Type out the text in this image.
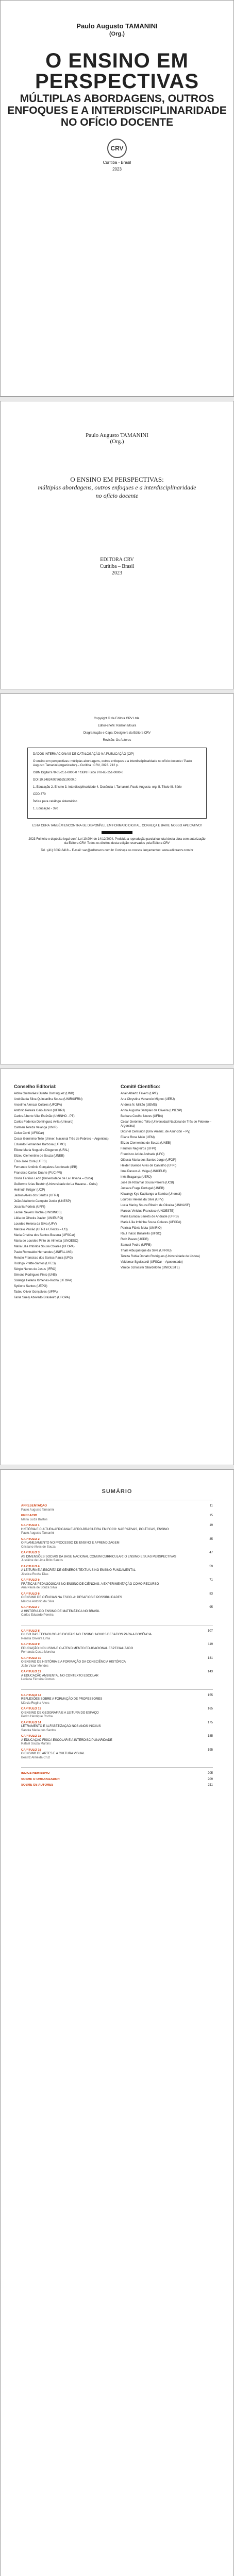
Paulo Augusto TAMANINI
(Org.)
O ENSINO EM PERSPECTIVAS
MÚLTIPLAS ABORDAGENS, OUTROS ENFOQUES E A INTERDISCIPLINARIDADE NO OFÍCIO DOCENTE
CRV
Curitiba - Brasil
2023
Paulo Augusto TAMANINI
(Org.)
O ENSINO EM PERSPECTIVAS:
múltiplas abordagens, outros enfoques e a interdisciplinaridade no ofício docente
EDITORA CRV
Curitiba – Brasil
2023

Copyright © da Editora CRV Ltda.

Editor-chefe: Railson Moura

Diagramação e Capa: Designers da Editora CRV

Revisão: Os Autores

DADOS INTERNACIONAIS DE CATALOGAÇÃO NA PUBLICAÇÃO (CIP)

O ensino em perspectivas: múltiplas abordagens, outros enfoques e a interdisciplinaridade no ofício docente / Paulo Augusto Tamanini (organizador) – Curitiba : CRV, 2023. 212 p.

ISBN Digital 978-65-251-0000-0 / ISBN Físico 978-65-251-0000-0

DOI 10.24824/978652510000.0

1. Educação 2. Ensino 3. Interdisciplinaridade 4. Docência I. Tamanini, Paulo Augusto. org. II. Título III. Série

CDD 370

Índice para catálogo sistemático

1. Educação - 370

ESTA OBRA TAMBÉM ENCONTRA-SE DISPONÍVEL EM FORMATO DIGITAL. CONHEÇA E BAIXE NOSSO APLICATIVO!

2023 Foi feito o depósito legal conf. Lei 10.994 de 14/12/2004. Proibida a reprodução parcial ou total desta obra sem autorização da Editora CRV. Todos os direitos desta edição reservados pela Editora CRV

Tel.: (41) 3039-6418 – E-mail: sac@editoracrv.com.br Conheça os nossos lançamentos: www.editoracrv.com.br

Conselho Editorial:
Aldira Guimarães Duarte Domínguez (UNB)
Andréia da Silva Quintanilha Sousa (UNIR/UFRN)
Anselmo Alencar Colares (UFOPA)
Antônio Pereira Gaio Júnior (UFRRJ)
Carlos Alberto Vilar Estêvão (UMINHO - PT)
Carlos Federico Dominguez Avila (Unieuro)
Carmen Tereza Velanga (UNIR)
Celso Conti (UFSCar)
Cesar Gerónimo Tello (Univer. Nacional Três de Febrero – Argentina)
Eduardo Fernandes Barbosa (UFMG)
Elione Maria Nogueira Diogenes (UFAL)
Elizeu Clementino de Souza (UNEB)
Élsio José Corá (UFFS)
Fernando Antônio Gonçalves Alcoforado (IPB)
Francisco Carlos Duarte (PUC-PR)
Gloria Fariñas León (Universidade de La Havana – Cuba)
Guillermo Arias Beatón (Universidade de La Havana – Cuba)
Helmuth Krüger (UCP)
Jailson Alves dos Santos (UFRJ)
João Adalberto Campato Junior (UNESP)
Josania Portela (UFPI)
Leonel Severo Rocha (UNISINOS)
Lídia de Oliveira Xavier (UNIEURO)
Lourdes Helena da Silva (UFV)
Marcelo Paixão (UFRJ e UTexas – US)
Maria Cristina dos Santos Bezerra (UFSCar)
Maria de Lourdes Pinto de Almeida (UNOESC)
Maria Lília Imbiriba Sousa Colares (UFOPA)
Paulo Romualdo Hernandes (UNIFAL-MG)
Renato Francisco dos Santos Paula (UFG)
Rodrigo Pratte-Santos (UFES)
Sérgio Nunes de Jesus (IFRO)
Simone Rodrigues Pinto (UNB)
Solange Helena Ximenes-Rocha (UFOPA)
Sydione Santos (UEPG)
Tadeu Oliver Gonçalves (UFPA)
Tania Suely Azevedo Brasileiro (UFOPA)
Comitê Científico:
Altair Alberto Fávero (UPF)
Ana Chrystina Venancio Mignot (UERJ)
Andréia N. Militão (UEMS)
Anna Augusta Sampaio de Oliveira (UNESP)
Barbara Coelho Neves (UFBA)
Cesar Gerónimo Tello (Universidad Nacional de Três de Febrero – Argentina)
Diosnel Centurion (Univ Americ. de Asunción – Py)
Eliane Rose Maio (UEM)
Elizeu Clementino de Souza (UNEB)
Fauston Negreiros (UFPI)
Francisco Ari de Andrade (UFC)
Gláucia Maria dos Santos Jorge (UFOP)
Helder Buenos Aires de Carvalho (UFPI)
Ilma Passos A. Veiga (UNICEUB)
Inês Bragança (UERJ)
José de Ribamar Sousa Pereira (UCB)
Jussara Fraga Portugal (UNEB)
Kilwangy Kya Kapitango-a-Samba (Unemat)
Lourdes Helena da Silva (UFV)
Lucia Marisy Souza Ribeiro de Oliveira (UNIVASF)
Marcos Vinicius Francisco (UNOESTE)
Maria Eurácia Barreto de Andrade (UFRB)
Maria Lília Imbiriba Sousa Colares (UFOPA)
Patrícia Flávia Mota (UNIRIO)
Raul Inácio Busarello (UFSC)
Ruth Pavan (UCDB)
Samuel Pedro (UFPB)
Thaís Albuquerque da Silva (UFRRJ)
Tereza Rubia Donato Rodrigues (Universidade de Lisboa)
Valdemar Sguissardi (UFSCar – Aposentado)
Vanice Schossler Sbardelotto (UNIOESTE)
SUMÁRIO
APRESENTAÇÃO	11
Paulo Augusto Tamanini
PREFÁCIO	15
Maria Luiza Bastos
CAPÍTULO 1	19
HISTÓRIA E CULTURA AFRICANA E AFRO-BRASILEIRA EM FOCO: NARRATIVAS, POLÍTICAS, ENSINO
Paulo Augusto Tamanini
CAPÍTULO 2	35
O PLANEJAMENTO NO PROCESSO DE ENSINO E APRENDIZAGEM
Cristiano Alves de Souza
CAPÍTULO 3	47
AS DIMENSÕES SOCIAIS DA BASE NACIONAL COMUM CURRICULAR: O ENSINO E SUAS PERSPECTIVAS
Jussiêne de Lima Brito Santos
CAPÍTULO 4	59
A LEITURA E A ESCRITA DE GÊNEROS TEXTUAIS NO ENSINO FUNDAMENTAL
Jéssica Rocha Dias
CAPÍTULO 5	71
PRÁTICAS PEDAGÓGICAS NO ENSINO DE CIÊNCIAS: A EXPERIMENTAÇÃO COMO RECURSO
Ana Paula de Souza Silva
CAPÍTULO 6	83
O ENSINO DE CIÊNCIAS NA ESCOLA: DESAFIOS E POSSIBILIDADES
Marcos Antonio da Silva
CAPÍTULO 7	95
A HISTÓRIA DO ENSINO DE MATEMÁTICA NO BRASIL
Carlos Eduardo Pereira
CAPÍTULO 8	107
O USO DAS TECNOLOGIAS DIGITAIS NO ENSINO: NOVOS DESAFIOS PARA A DOCÊNCIA
Renata Oliveira Lima
CAPÍTULO 9	119
EDUCAÇÃO INCLUSIVA E O ATENDIMENTO EDUCACIONAL ESPECIALIZADO
Fernanda Costa Moreira
CAPÍTULO 10	131
O ENSINO DE HISTÓRIA E A FORMAÇÃO DA CONSCIÊNCIA HISTÓRICA
João Victor Mendes
CAPÍTULO 11	143
A EDUCAÇÃO AMBIENTAL NO CONTEXTO ESCOLAR
Luciana Ferreira Gomes
CAPÍTULO 12	155
REFLEXÕES SOBRE A FORMAÇÃO DE PROFESSORES
Márcia Regina Alves
CAPÍTULO 13	165
O ENSINO DE GEOGRAFIA E A LEITURA DO ESPAÇO
Pedro Henrique Rocha
CAPÍTULO 14	175
LETRAMENTO E ALFABETIZAÇÃO NOS ANOS INICIAIS
Sandra Maria dos Santos
CAPÍTULO 15	185
A EDUCAÇÃO FÍSICA ESCOLAR E A INTERDISCIPLINARIDADE
Rafael Souza Martins
CAPÍTULO 16	195
O ENSINO DE ARTES E A CULTURA VISUAL
Beatriz Almeida Cruz
ÍNDICE REMISSIVO	205
SOBRE O ORGANIZADOR	209
SOBRE OS AUTORES	211
